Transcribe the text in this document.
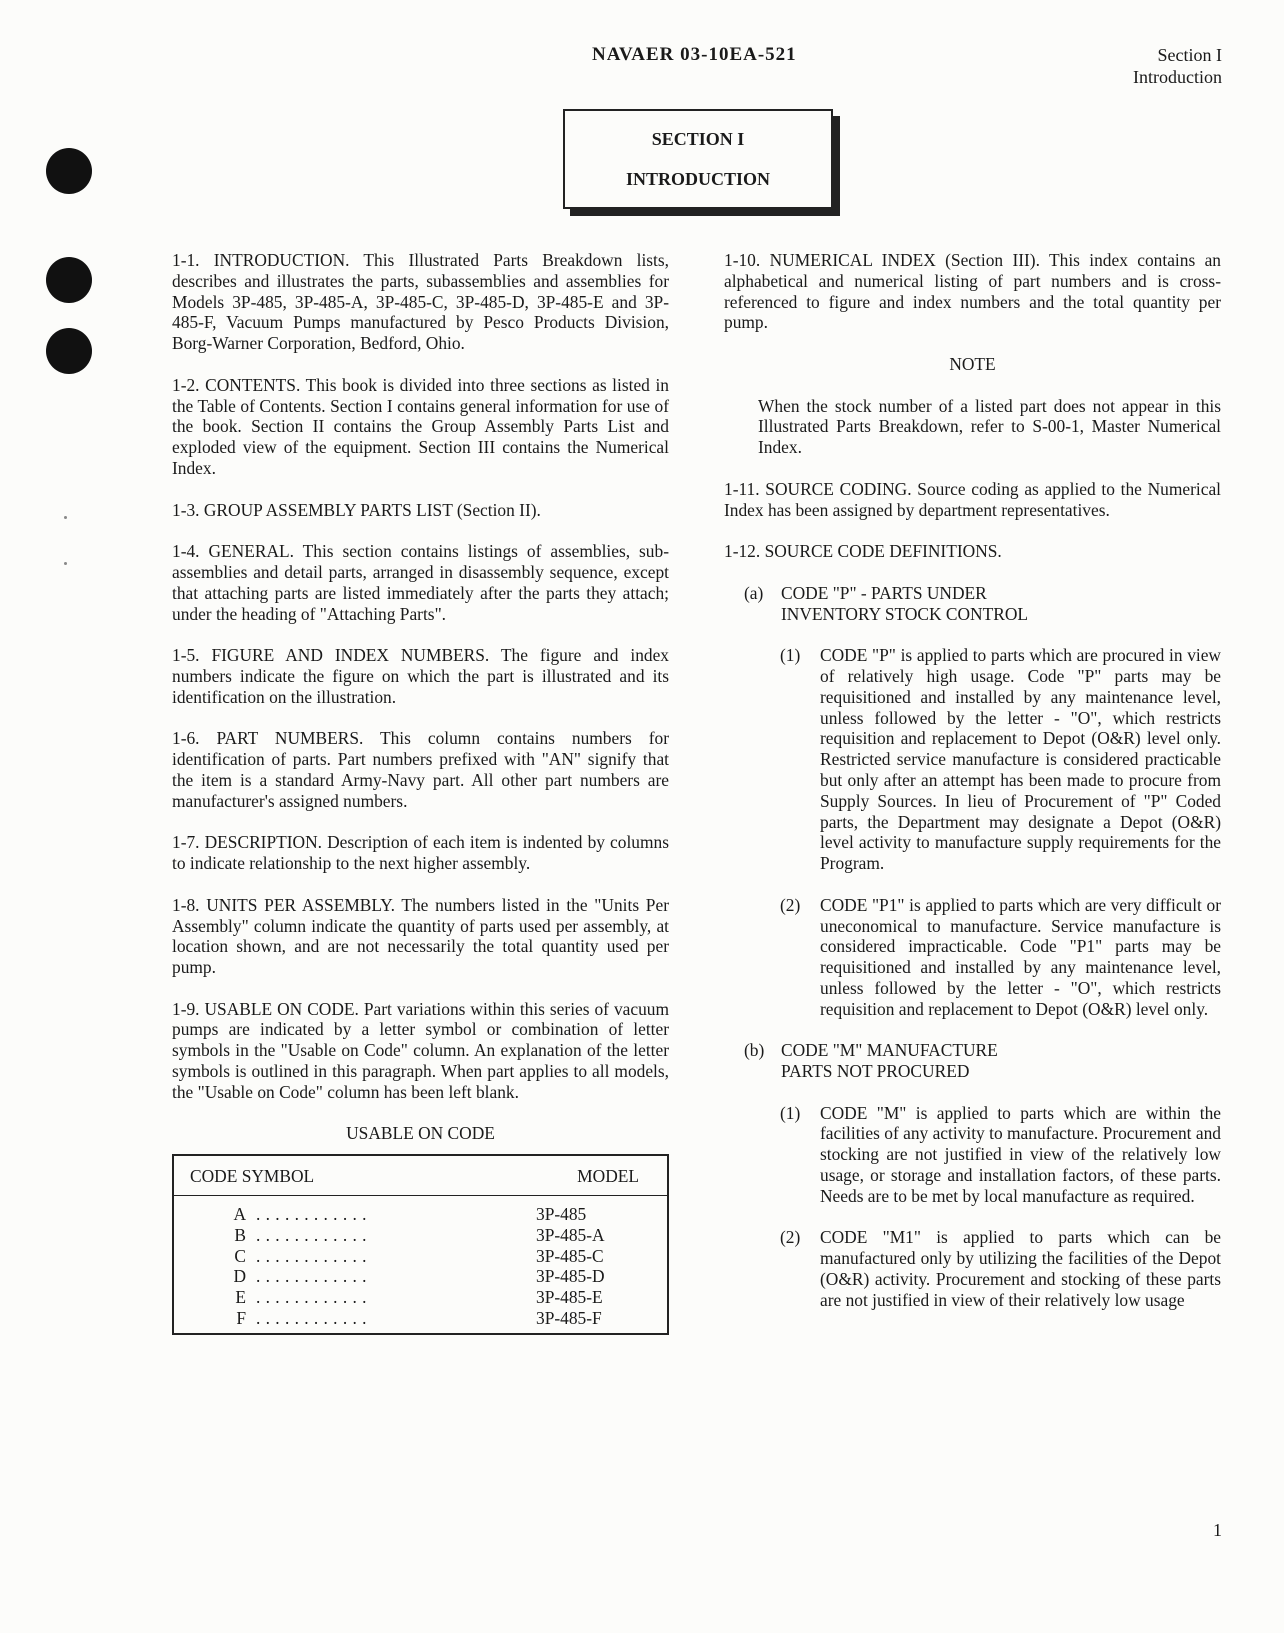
NAVAER 03-10EA-521	Section I
Introduction
SECTION I
INTRODUCTION

1-1. INTRODUCTION. This Illustrated Parts Breakdown lists, describes and illustrates the parts, subassemblies and assemblies for Models 3P-485, 3P-485-A, 3P-485-C, 3P-485-D, 3P-485-E and 3P-485-F, Vacuum Pumps manufactured by Pesco Products Division, Borg-Warner Corporation, Bedford, Ohio.

1-2. CONTENTS. This book is divided into three sections as listed in the Table of Contents. Section I contains general information for use of the book. Section II contains the Group Assembly Parts List and exploded view of the equipment. Section III contains the Numerical Index.

1-3. GROUP ASSEMBLY PARTS LIST (Section II).

1-4. GENERAL. This section contains listings of assemblies, sub-assemblies and detail parts, arranged in disassembly sequence, except that attaching parts are listed immediately after the parts they attach; under the heading of "Attaching Parts".

1-5. FIGURE AND INDEX NUMBERS. The figure and index numbers indicate the figure on which the part is illustrated and its identification on the illustration.

1-6. PART NUMBERS. This column contains numbers for identification of parts. Part numbers prefixed with "AN" signify that the item is a standard Army-Navy part. All other part numbers are manufacturer's assigned numbers.

1-7. DESCRIPTION. Description of each item is indented by columns to indicate relationship to the next higher assembly.

1-8. UNITS PER ASSEMBLY. The numbers listed in the "Units Per Assembly" column indicate the quantity of parts used per assembly, at location shown, and are not necessarily the total quantity used per pump.

1-9. USABLE ON CODE. Part variations within this series of vacuum pumps are indicated by a letter symbol or combination of letter symbols in the "Usable on Code" column. An explanation of the letter symbols is outlined in this paragraph. When part applies to all models, the "Usable on Code" column has been left blank.

USABLE ON CODE
CODE SYMBOL	MODEL
A ............	3P-485
B ............	3P-485-A
C ............	3P-485-C
D ............	3P-485-D
E ............	3P-485-E
F ............	3P-485-F

1-10. NUMERICAL INDEX (Section III). This index contains an alphabetical and numerical listing of part numbers and is cross-referenced to figure and index numbers and the total quantity per pump.

NOTE
When the stock number of a listed part does not appear in this Illustrated Parts Breakdown, refer to S-00-1, Master Numerical Index.

1-11. SOURCE CODING. Source coding as applied to the Numerical Index has been assigned by department representatives.

1-12. SOURCE CODE DEFINITIONS.

(a)	CODE "P" - PARTS UNDER
INVENTORY STOCK CONTROL
(1)	CODE "P" is applied to parts which are procured in view of relatively high usage. Code "P" parts may be requisitioned and installed by any maintenance level, unless followed by the letter - "O", which restricts requisition and replacement to Depot (O&R) level only. Restricted service manufacture is considered practicable but only after an attempt has been made to procure from Supply Sources. In lieu of Procurement of "P" Coded parts, the Department may designate a Depot (O&R) level activity to manufacture supply requirements for the Program.
(2)	CODE "P1" is applied to parts which are very difficult or uneconomical to manufacture. Service manufacture is considered impracticable. Code "P1" parts may be requisitioned and installed by any maintenance level, unless followed by the letter - "O", which restricts requisition and replacement to Depot (O&R) level only.
(b) CODE "M" MANUFACTURE
PARTS NOT PROCURED
(1)	CODE "M" is applied to parts which are within the facilities of any activity to manufacture. Procurement and stocking are not justified in view of the relatively low usage, or storage and installation factors, of these parts. Needs are to be met by local manufacture as required.
(2)	CODE "M1" is applied to parts which can be manufactured only by utilizing the facilities of the Depot (O&R) activity. Procurement and stocking of these parts are not justified in view of their relatively low usage
1
